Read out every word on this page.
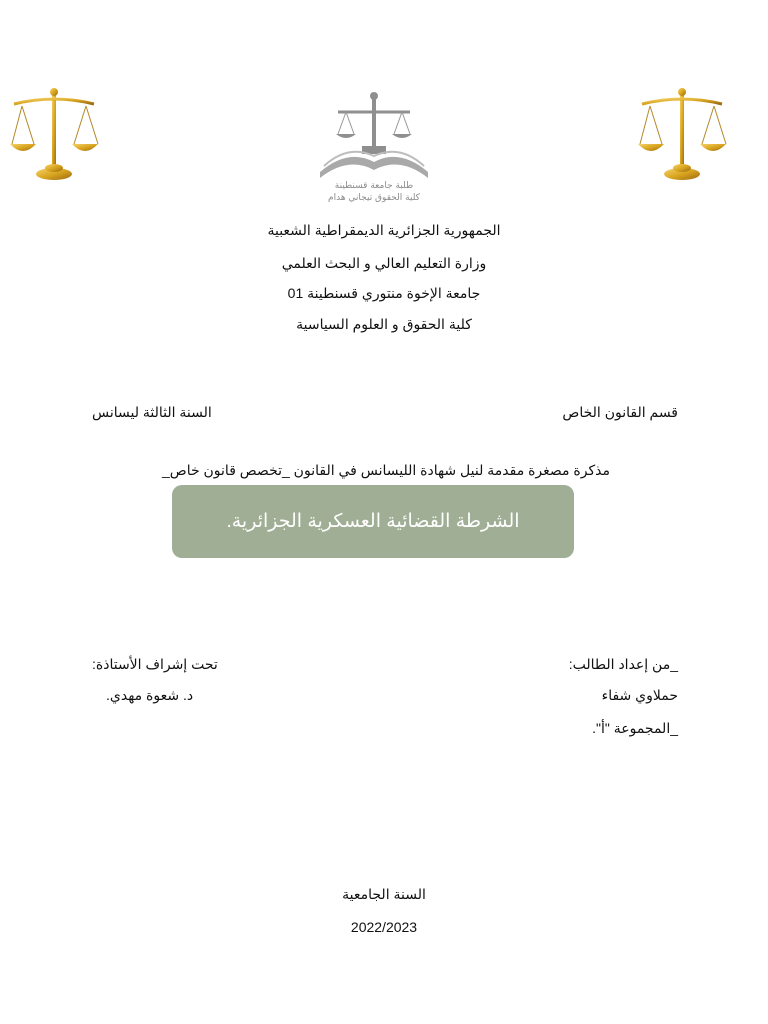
طلبة جامعة قسنطينة
كلية الحقوق تيجاني هدام
الجمهورية الجزائرية الديمقراطية الشعبية
وزارة التعليم العالي و البحث العلمي
جامعة الإخوة منتوري قسنطينة 01
كلية الحقوق و العلوم السياسية
قسم القانون الخاص
السنة الثالثة ليسانس
مذكرة مصغرة مقدمة لنيل شهادة الليسانس في القانون _تخصص قانون خاص_
الشرطة القضائية العسكرية الجزائرية.
_من إعداد الطالب:
حملاوي شفاء
_المجموعة "أ".
تحت إشراف الأستاذة:
د. شعوة مهدي.
السنة الجامعية
2022/2023
